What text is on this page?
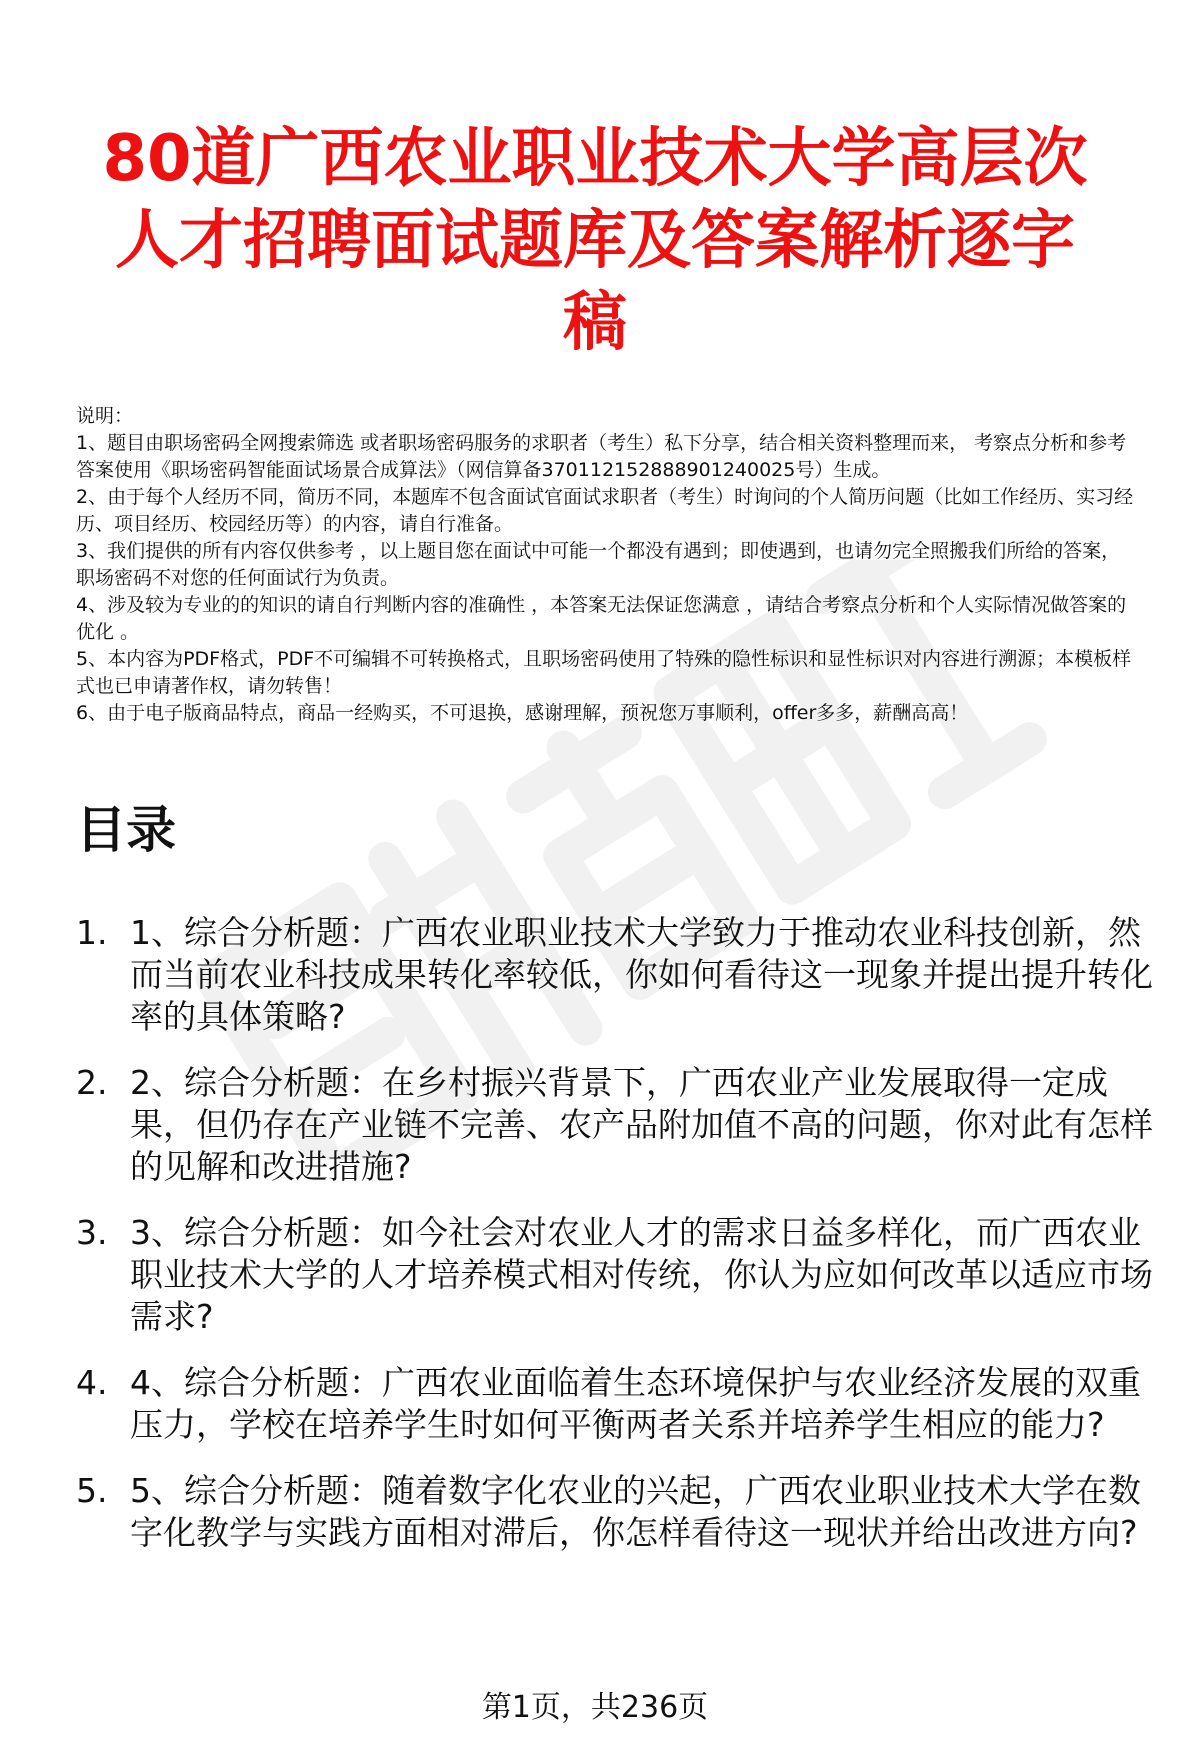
80道广西农业职业技术大学高层次人才招聘面试题库及答案解析逐字稿

说明：

1、题目由职场密码全网搜索筛选 或者职场密码服务的求职者（考生）私下分享，结合相关资料整理而来， 考察点分析和参考答案使用《职场密码智能面试场景合成算法》（网信算备370112152888901240025号）生成。

2、由于每个人经历不同，简历不同，本题库不包含面试官面试求职者（考生）时询问的个人简历问题（比如工作经历、实习经历、项目经历、校园经历等）的内容，请自行准备。

3、我们提供的所有内容仅供参考 ，以上题目您在面试中可能一个都没有遇到；即使遇到，也请勿完全照搬我们所给的答案，职场密码不对您的任何面试行为负责。

4、涉及较为专业的的知识的请自行判断内容的准确性 ，本答案无法保证您满意 ，请结合考察点分析和个人实际情况做答案的优化 。

5、本内容为PDF格式，PDF不可编辑不可转换格式，且职场密码使用了特殊的隐性标识和显性标识对内容进行溯源；本模板样式也已申请著作权，请勿转售！

6、由于电子版商品特点，商品一经购买，不可退换，感谢理解，预祝您万事顺利，offer多多，薪酬高高！

目录
1. 1、综合分析题：广西农业职业技术大学致力于推动农业科技创新，然而当前农业科技成果转化率较低，你如何看待这一现象并提出提升转化率的具体策略?
2. 2、综合分析题：在乡村振兴背景下，广西农业产业发展取得一定成果，但仍存在产业链不完善、农产品附加值不高的问题，你对此有怎样的见解和改进措施?
3. 3、综合分析题：如今社会对农业人才的需求日益多样化，而广西农业职业技术大学的人才培养模式相对传统，你认为应如何改革以适应市场需求?
4. 4、综合分析题：广西农业面临着生态环境保护与农业经济发展的双重压力，学校在培养学生时如何平衡两者关系并培养学生相应的能力?
5. 5、综合分析题：随着数字化农业的兴起，广西农业职业技术大学在数字化教学与实践方面相对滞后，你怎样看待这一现状并给出改进方向?
第1页，共236页
